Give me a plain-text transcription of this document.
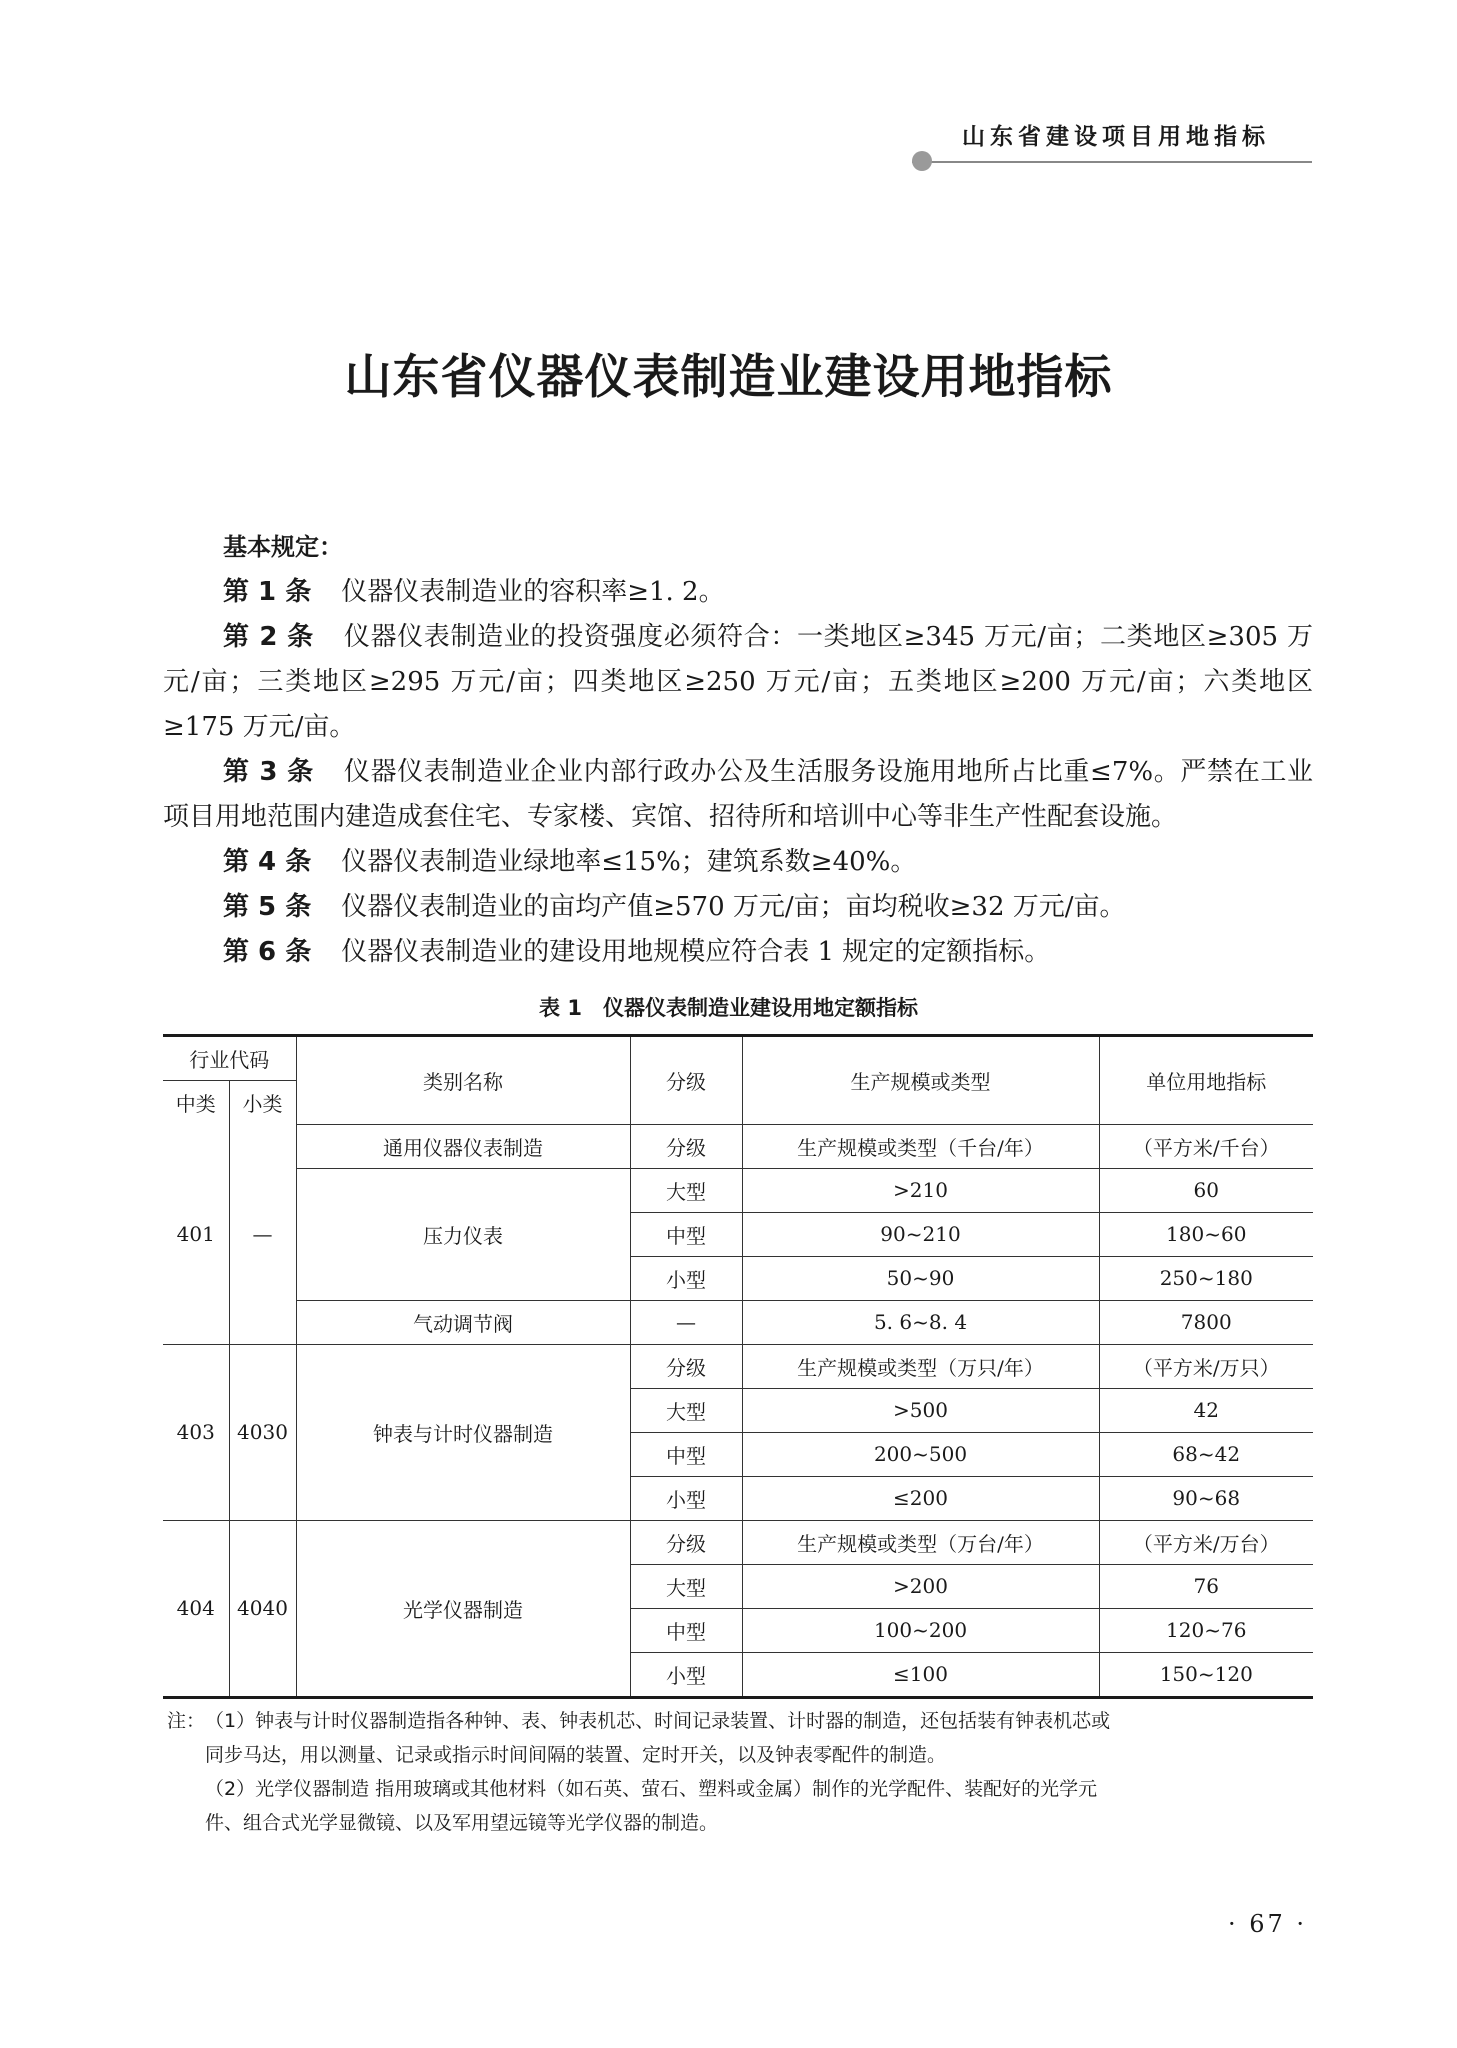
山东省建设项目用地指标
山东省仪器仪表制造业建设用地指标

基本规定：

第 1 条 仪器仪表制造业的容积率≥1. 2。

第 2 条 仪器仪表制造业的投资强度必须符合：一类地区≥345 万元/亩；二类地区≥305 万元/亩；三类地区≥295 万元/亩；四类地区≥250 万元/亩；五类地区≥200 万元/亩；六类地区≥175 万元/亩。

第 3 条 仪器仪表制造业企业内部行政办公及生活服务设施用地所占比重≤7%。严禁在工业项目用地范围内建造成套住宅、专家楼、宾馆、招待所和培训中心等非生产性配套设施。

第 4 条 仪器仪表制造业绿地率≤15%；建筑系数≥40%。

第 5 条 仪器仪表制造业的亩均产值≥570 万元/亩；亩均税收≥32 万元/亩。

第 6 条 仪器仪表制造业的建设用地规模应符合表 1 规定的定额指标。

表 1　仪器仪表制造业建设用地定额指标
行业代码		类别名称	分级	生产规模或类型	单位用地指标
中类	小类				
401	—	通用仪器仪表制造	分级	生产规模或类型（千台/年）	（平方米/千台）
		压力仪表	大型	>210	60
			中型	90~210	180~60
			小型	50~90	250~180
		气动调节阀	—	5. 6~8. 4	7800
403	4030	钟表与计时仪器制造	分级	生产规模或类型（万只/年）	（平方米/万只）
			大型	>500	42
			中型	200~500	68~42
			小型	≤200	90~68
404	4040	光学仪器制造	分级	生产规模或类型（万台/年）	（平方米/万台）
			大型	>200	76
			中型	100~200	120~76
			小型	≤100	150~120
注： （1）钟表与计时仪器制造指各种钟、表、钟表机芯、时间记录装置、计时器的制造，还包括装有钟表机芯或

同步马达，用以测量、记录或指示时间间隔的装置、定时开关，以及钟表零配件的制造。

（2）光学仪器制造 指用玻璃或其他材料（如石英、萤石、塑料或金属）制作的光学配件、装配好的光学元

件、组合式光学显微镜、以及军用望远镜等光学仪器的制造。

· 67 ·
